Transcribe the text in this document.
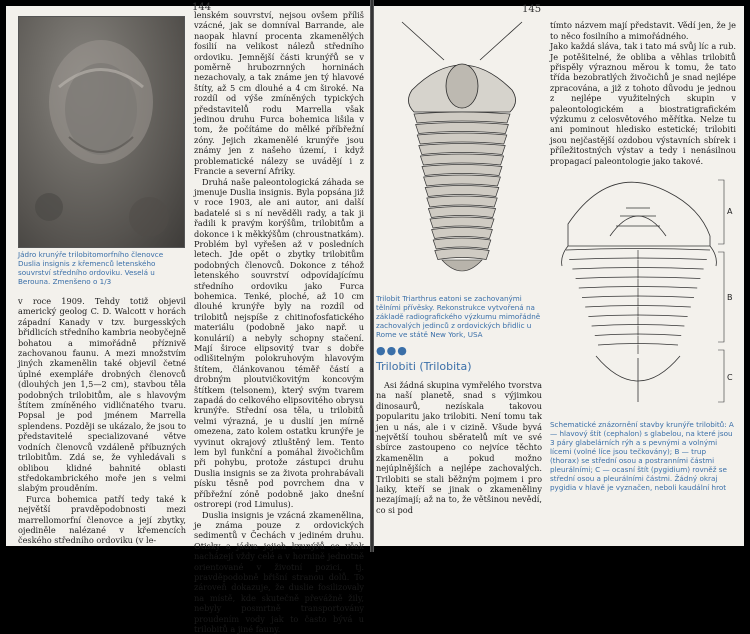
Jádro krunýře trilobitomorfního členovce Duslia insignis z křemenců letenského souvrství středního ordoviku. Veselá u Berouna. Zmenšeno o 1/3

lenském souvrství, nejsou ovšem příliš vzácné, jak se domníval Barrande, ale naopak hlavní procenta zkamenělých fosilií na velikost nálezů středního ordoviku. Jemnější části krunýřů se v poměrně hrubozrnných horninách nezachovaly, a tak známe jen tý hlavové štíty, až 5 cm dlouhé a 4 cm široké. Na rozdíl od výše zmíněných typických představitelů rodu Marrella však jedinou druhu Furca bohemica lišila v tom, že počítáme do mělké příbřežní zóny. Jejich zkamenělé krunýře jsou známy jen z našeho území, i když problematické nálezy se uvádějí i z Francie a severní Afriky.

Druhá naše paleontologická záhada se jmenuje Duslia insignis. Byla popsána již v roce 1903, ale ani autor, ani další badatelé si s ní nevěděli rady, a tak ji řadili k pravým korýšům, trilobitům a dokonce i k měkkýšům (chroustnatkám). Problém byl vyřešen až v posledních letech. Jde opět o zbytky trilobitům podobných členovců. Dokonce z téhož letenského souvrství odpovídajícímu středního ordoviku jako Furca bohemica. Tenké, ploché, až 10 cm dlouhé krunýře byly na rozdíl od trilobitů nejspíše z chitinofosfatického materiálu (podobně jako např. u konulárií) a nebyly schopny stačení. Mají široce elipsovitý tvar s dobře odlišitelným polokruhovým hlavovým štítem, článkovanou téměř částí a drobným ploutvičkovitým koncovým štítkem (telsonem), který svým tvarem zapadá do celkového elipsovitého obrysu krunýře. Střední osa těla, u trilobitů velmi výrazná, je u duslií jen mírně omezena, zato kolem ostatku krunýře je vyvinut okrajový ztluštěný lem. Tento lem byl funkční a pomáhal živočichům při pohybu, protože zástupci druhu Duslia insignis se za života prohrabávali písku těsně pod povrchem dna v příbřežní zóně podobně jako dnešní ostrorepi (rod Limulus).

Duslia insignis je vzácná zkamenělina, je známa pouze z ordovických sedimentů v Čechách v jediném druhu. Otisky a jádra jejich krunýřů se však nacházejí vždy celé a v hornině jednotně orientované v životní pozici, tj. pravděpodobně břišní stranou dolů. To zároveň dokazuje, že duslie fosilizovaly na místě, kde skutečně převážně žily, nebyly posmrtně transportovány proudením vody jak to často bývá u trilobitů a jiné fauny.

v roce 1909. Tehdy totiž objevil americký geolog C. D. Walcott v horách západní Kanady v tzv. burgesských břidlicích středního kambria neobyčejně bohatou a mimořádně příznivě zachovanou faunu. A mezi množstvím jiných zkamenělin také objevil četné úplné exempláře drobných členovců (dlouhých jen 1,5—2 cm), stavbou těla podobných trilobitům, ale s hlavovým štítem zmíněného vidličnatého tvaru. Popsal je pod jménem Marrella splendens. Později se ukázalo, že jsou to představitelé specializované větve vodních členovců vzdáleně příbuzných trilobitům. Zdá se, že vyhledávali s oblibou klidné bahnité oblasti středokambrického moře jen s velmi slabým prouděním.

Furca bohemica patří tedy také k největší pravděpodobnosti mezi marrellomorfní členovce a její zbytky, ojediněle nalézané v křemencích českého středního ordoviku (v le-

145
Trilobit Triarthrus eatoni se zachovanými tělními přívěsky. Rekonstrukce vytvořená na základě radiografického výzkumu mimořádně zachovalých jedinců z ordovických břidlic u Rome ve státě New York, USA
●●●
Trilobiti (Trilobita)

Asi žádná skupina vymřelého tvorstva na naší planetě, snad s výjimkou dinosaurů, nezískala takovou popularitu jako trilobiti. Není tomu tak jen u nás, ale i v cizině. Všude byvá největší touhou sběratelů mít ve své sbírce zastoupeno co nejvíce těchto zkamenělin a pokud možno nejúplnějších a nejlépe zachovalých. Trilobiti se stali běžným pojmem i pro laiky, kteří se jinak o zkameněliny nezajímají; až na to, že většinou nevědí, co si pod

tímto názvem mají představit. Vědí jen, že je to něco fosilního a mimořádného.
Jako každá sláva, tak i tato má svůj líc a rub. Je potěšitelné, že obliba a věhlas trilobitů přispěly výraznou měrou k tomu, že tato třída bezobratlých živočichů je snad nejlépe zpracována, a již z tohoto důvodu je jednou z nejlépe využitelných skupin v paleontologickém a biostratigrafickém výzkumu z celosvětového měřítka. Nelze tu ani pominout hledisko estetické; trilobiti jsou nejčastější ozdobou výstavních sbírek i příležitostných výstav a tedy i nenásilnou propagací paleontologie jako takové.

A
B
C
Schematické znázornění stavby krunýře trilobitů: A — hlavový štít (cephalon) s glabelou, na které jsou 3 páry glabelárních rýh a s pevnými a volnými lícemi (volné líce jsou tečkovány); B — trup (thorax) se střední osou a postranními částmi pleurálními; C — ocasní štít (pygidium) rovněž se střední osou a pleurálními částmi. Žádný okraj pygidia v hlavě je vyznačen, neboli kaudální hrot
144
